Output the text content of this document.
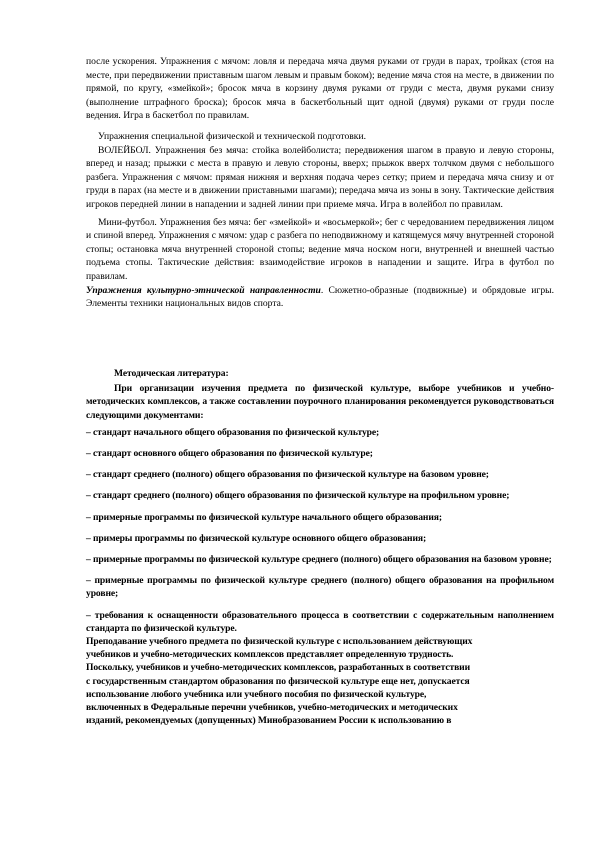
после ускорения. Упражнения с мячом: ловля и передача мяча двумя руками от груди в парах, тройках (стоя на месте, при передвижении приставным шагом левым и правым боком); ведение мяча стоя на месте, в движении по прямой, по кругу, «змейкой»; бросок мяча в корзину двумя руками от груди с места, двумя руками снизу (выполнение штрафного броска); бросок мяча в баскетбольный щит одной (двумя) руками от груди после ведения. Игра в баскетбол по правилам.

Упражнения специальной физической и технической подготовки.

ВОЛЕЙБОЛ. Упражнения без мяча: стойка волейболиста; передвижения шагом в правую и левую стороны, вперед и назад; прыжки с места в правую и левую стороны, вверх; прыжок вверх толчком двумя с небольшого разбега. Упражнения с мячом: прямая нижняя и верхняя подача через сетку; прием и передача мяча снизу и от груди в парах (на месте и в движении приставными шагами); передача мяча из зоны в зону. Тактические действия игроков передней линии в нападении и задней линии при приеме мяча. Игра в волейбол по правилам.

Мини-футбол. Упражнения без мяча: бег «змейкой» и «восьмеркой»; бег с чередованием передвижения лицом и спиной вперед. Упражнения с мячом: удар с разбега по неподвижному и катящемуся мячу внутренней стороной стопы; остановка мяча внутренней стороной стопы; ведение мяча носком ноги, внутренней и внешней частью подъема стопы. Тактические действия: взаимодействие игроков в нападении и защите. Игра в футбол по правилам.

Упражнения культурно-этнической направленности. Сюжетно-образные (подвижные) и обрядовые игры. Элементы техники национальных видов спорта.

Методическая литература:

При организации изучения предмета по физической культуре, выборе учебников и учебно-методических комплексов, а также составлении поурочного планирования рекомендуется руководствоваться следующими документами:

– стандарт начального общего образования по физической культуре;

– стандарт основного общего образования по физической культуре;

– стандарт среднего (полного) общего образования по физической культуре на базовом уровне;

– стандарт среднего (полного) общего образования по физической культуре на профильном уровне;

– примерные программы по физической культуре начального общего образования;

– примеры программы по физической культуре основного общего образования;

– примерные программы по физической культуре среднего (полного) общего образования на базовом уровне;

– примерные программы по физической культуре среднего (полного) общего образования на профильном уровне;

– требования к оснащенности образовательного процесса в соответствии с содержательным наполнением стандарта по физической культуре.

Преподавание учебного предмета по физической культуре с использованием действующих
учебников и учебно-методических комплексов представляет определенную трудность.
Поскольку, учебников и учебно-методических комплексов, разработанных в соответствии
с государственным стандартом образования по физической культуре еще нет, допускается
использование любого учебника или учебного пособия по физической культуре,
включенных в Федеральные перечни учебников, учебно-методических и методических
изданий, рекомендуемых (допущенных) Минобразованием России к использованию в
